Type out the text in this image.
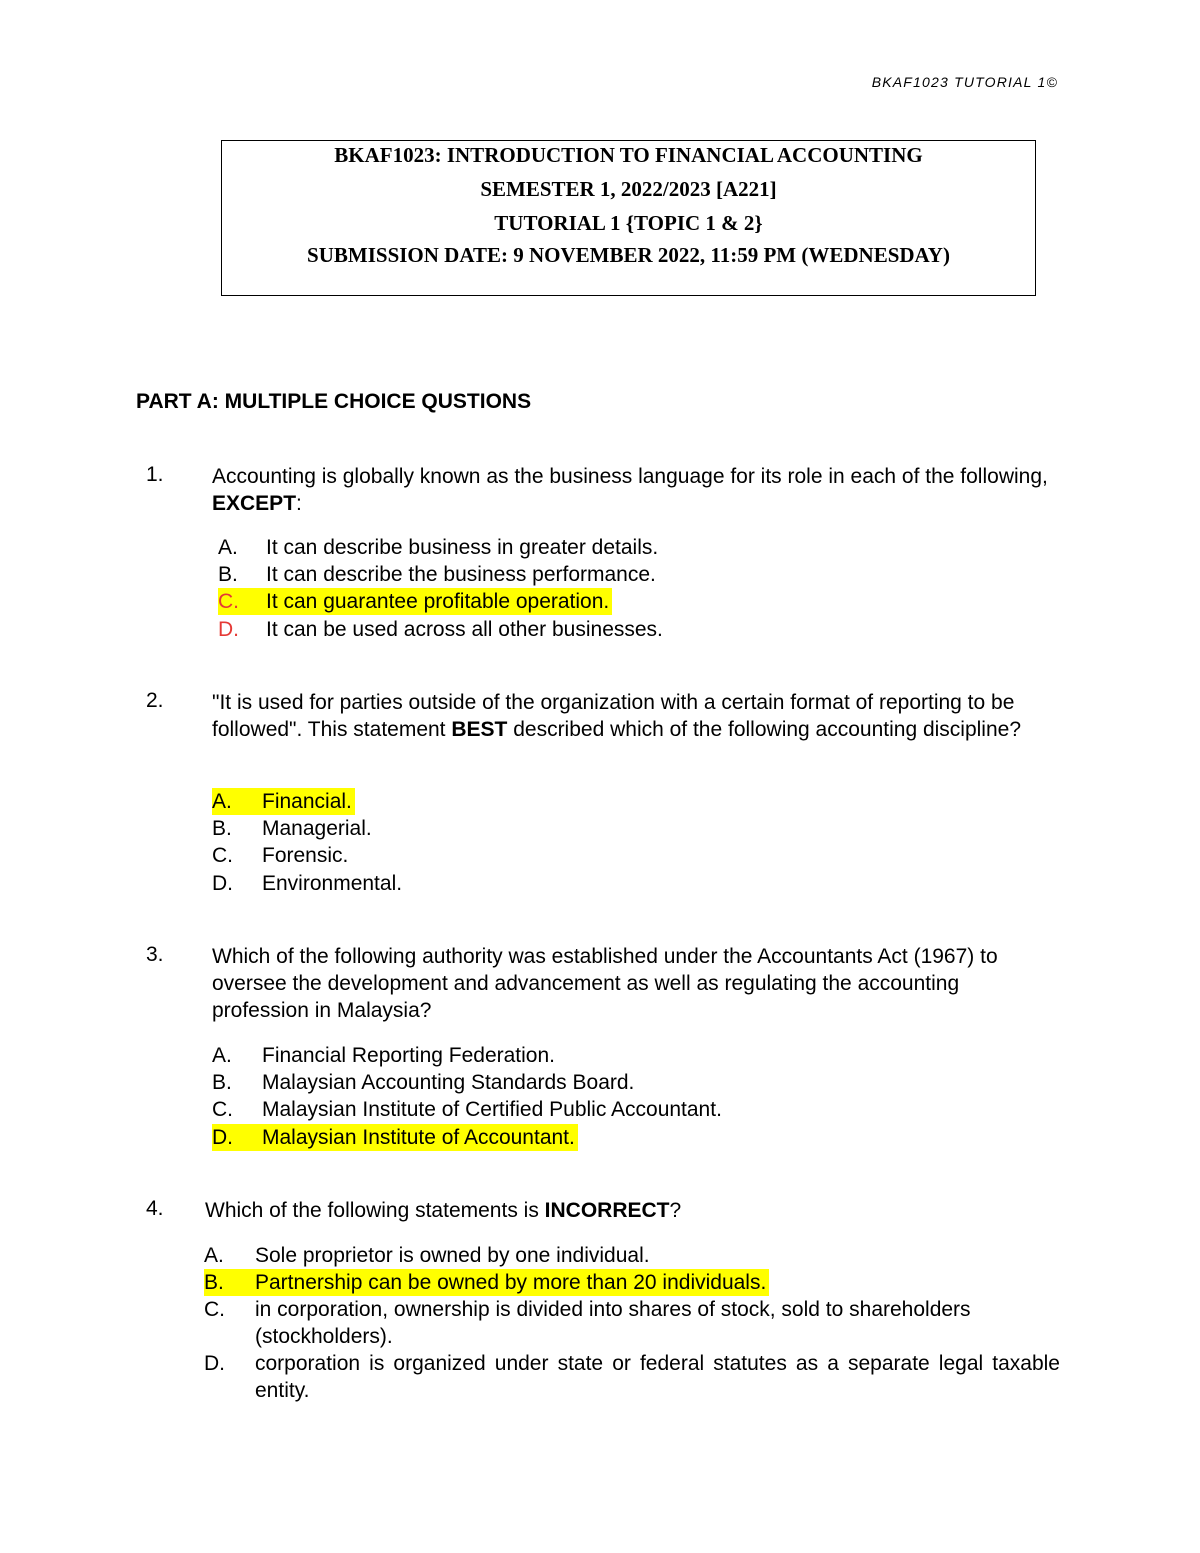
BKAF1023 TUTORIAL 1©
BKAF1023: INTRODUCTION TO FINANCIAL ACCOUNTING
SEMESTER 1, 2022/2023 [A221]
TUTORIAL 1 {TOPIC 1 & 2}
SUBMISSION DATE: 9 NOVEMBER 2022, 11:59 PM (WEDNESDAY)
PART A: MULTIPLE CHOICE QUSTIONS
1. Accounting is globally known as the business language for its role in each of the following, EXCEPT:
A. It can describe business in greater details.
B. It can describe the business performance.
C. It can guarantee profitable operation.
D. It can be used across all other businesses.
2. "It is used for parties outside of the organization with a certain format of reporting to be followed". This statement BEST described which of the following accounting discipline?
A. Financial.
B. Managerial.
C. Forensic.
D. Environmental.
3. Which of the following authority was established under the Accountants Act (1967) to oversee the development and advancement as well as regulating the accounting profession in Malaysia?
A. Financial Reporting Federation.
B. Malaysian Accounting Standards Board.
C. Malaysian Institute of Certified Public Accountant.
D. Malaysian Institute of Accountant.
4. Which of the following statements is INCORRECT?
A. Sole proprietor is owned by one individual.
B. Partnership can be owned by more than 20 individuals.
C. in corporation, ownership is divided into shares of stock, sold to shareholders (stockholders).
D. corporation is organized under state or federal statutes as a separate legal taxable entity.
